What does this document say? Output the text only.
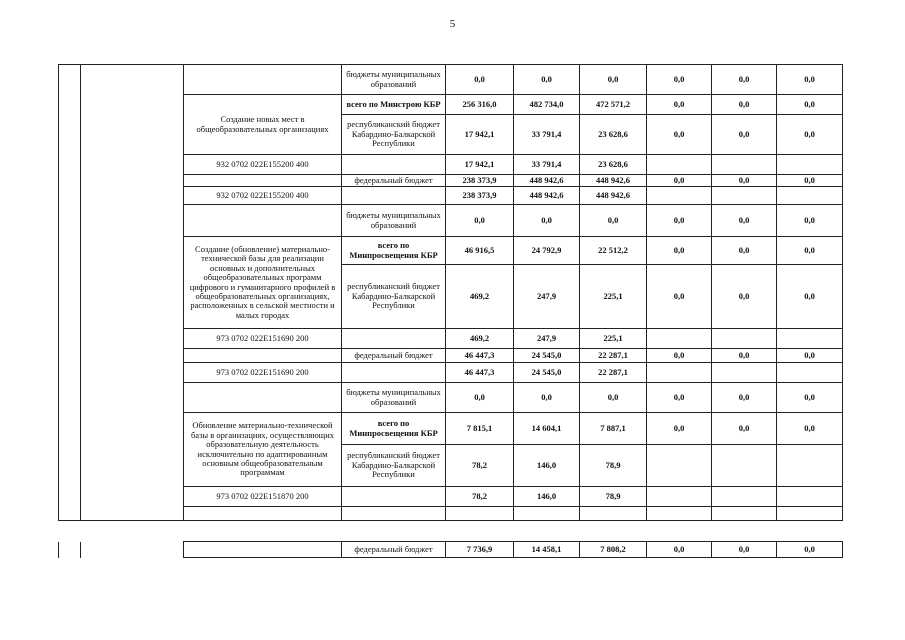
5
			бюджеты муниципальных образований	0,0	0,0	0,0	0,0	0,0	0,0
		Создание новых мест в общеобразовательных организациях	всего по Минстрою КБР	256 316,0	482 734,0	472 571,2	0,0	0,0	0,0
			республиканский бюджет Кабардино-Балкарской Республики	17 942,1	33 791,4	23 628,6	0,0	0,0	0,0
		932 0702 022E155200 400		17 942,1	33 791,4	23 628,6			
			федеральный бюджет	238 373,9	448 942,6	448 942,6	0,0	0,0	0,0
		932 0702 022E155200 400		238 373,9	448 942,6	448 942,6			
			бюджеты муниципальных образований	0,0	0,0	0,0	0,0	0,0	0,0
		Создание (обновление) материально-технической базы для реализации основных и дополнительных общеобразовательных программ цифрового и гуманитарного профилей в общеобразовательных организациях, расположенных в сельской местности и малых городах	всего по Минпросвещения КБР	46 916,5	24 792,9	22 512,2	0,0	0,0	0,0
			республиканский бюджет Кабардино-Балкарской Республики	469,2	247,9	225,1	0,0	0,0	0,0
		973 0702 022E151690 200		469,2	247,9	225,1			
			федеральный бюджет	46 447,3	24 545,0	22 287,1	0,0	0,0	0,0
		973 0702 022E151690 200		46 447,3	24 545,0	22 287,1			
			бюджеты муниципальных образований	0,0	0,0	0,0	0,0	0,0	0,0
		Обновление материально-технической базы в организациях, осуществляющих образовательную деятельность исключительно по адаптированным основным общеобразовательным программам	всего по Минпросвещения КБР	7 815,1	14 604,1	7 887,1	0,0	0,0	0,0
			республиканский бюджет Кабардино-Балкарской Республики	78,2	146,0	78,9			
		973 0702 022E151870 200		78,2	146,0	78,9			

			федеральный бюджет	7 736,9	14 458,1	7 808,2	0,0	0,0	0,0
